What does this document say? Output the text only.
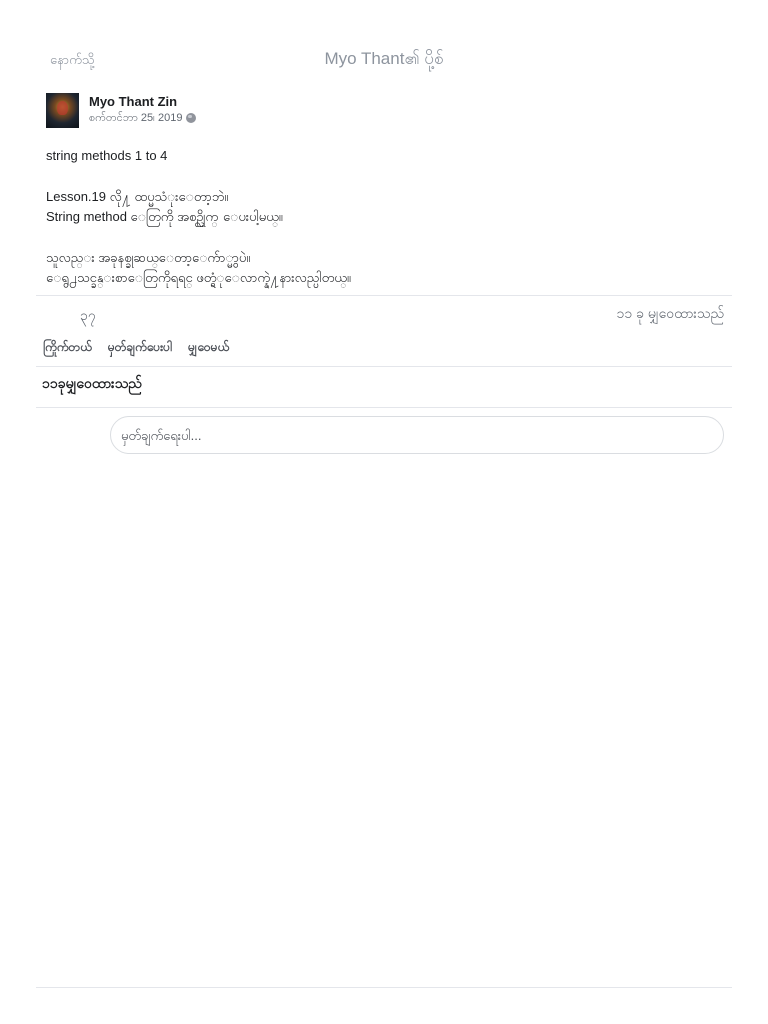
နောက်သို့	Myo Thant၏ ပို့စ်
Myo Thant Zin
စက်တင်ဘာ 25၊ 2019

string methods 1 to 4

Lesson.19 လို႔ ထပ္မသံုးေတာ့ဘဲ။

String method ေတြကို အစဥ္လိုက္ ေပးပါ့မယ္။

သူလည္း အခုနစ္ခုဆယ္ေတာ့ေက်ာ္မွာပဲ။

ေရွ႕သင္ခန္းစာေတြကိုရရင္ ဖတ္ရံုေလာက္နဲ႔နားလည္ပါတယ္။

၃၇	၁၁ ခု မျှဝေထားသည်
ကြိုက်တယ် မှတ်ချက်ပေးပါ မျှဝေမယ်
၁၁ခုမျှဝေထားသည်
မှတ်ချက်ရေးပါ...
